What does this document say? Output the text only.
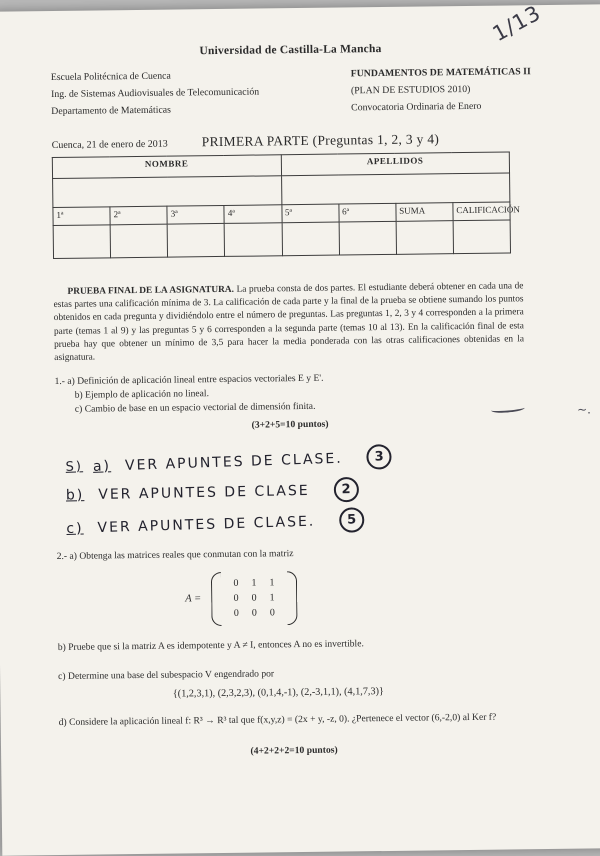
1/13
Universidad de Castilla-La Mancha
Escuela Politécnica de Cuenca
Ing. de Sistemas Audiovisuales de Telecomunicación
Departamento de Matemáticas
FUNDAMENTOS DE MATEMÁTICAS II
(PLAN DE ESTUDIOS 2010)
Convocatoria Ordinaria de Enero
Cuenca, 21 de enero de 2013	PRIMERA PARTE (Preguntas 1, 2, 3 y 4)
NOMBRE				APELLIDOS			

1ª	2ª	3ª	4ª	5ª	6ª	SUMA	CALIFICACIÓN

PRUEBA FINAL DE LA ASIGNATURA. La prueba consta de dos partes. El estudiante deberá obtener en cada una de estas partes una calificación mínima de 3. La calificación de cada parte y la final de la prueba se obtiene sumando los puntos obtenidos en cada pregunta y dividiéndolo entre el número de preguntas. Las preguntas 1, 2, 3 y 4 corresponden a la primera parte (temas 1 al 9) y las preguntas 5 y 6 corresponden a la segunda parte (temas 10 al 13). En la calificación final de esta prueba hay que obtener un mínimo de 3,5 para hacer la media ponderada con las otras calificaciones obtenidas en la asignatura.

1.- a) Definición de aplicación lineal entre espacios vectoriales E y E'.
b) Ejemplo de aplicación no lineal.
c) Cambio de base en un espacio vectorial de dimensión finita.
(3+2+5=10 puntos)
~.
S) a) VER APUNTES DE CLASE.	3
b) VER APUNTES DE CLASE	2
c) VER APUNTES DE CLASE.	5
2.- a) Obtenga las matrices reales que conmutan con la matriz
A =
0	1	1
0	0	1
0	0	0
b) Pruebe que si la matriz A es idempotente y A ≠ I, entonces A no es invertible.
c) Determine una base del subespacio V engendrado por
{(1,2,3,1), (2,3,2,3), (0,1,4,-1), (2,-3,1,1), (4,1,7,3)}
d) Considere la aplicación lineal f: R³ → R³ tal que f(x,y,z) = (2x + y, -z, 0). ¿Pertenece el vector (6,-2,0) al Ker f?
(4+2+2+2=10 puntos)
